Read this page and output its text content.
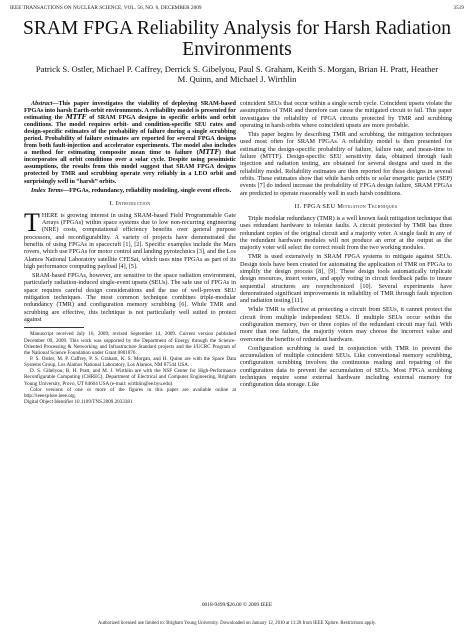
IEEE TRANSACTIONS ON NUCLEAR SCIENCE, VOL. 56, NO. 6, DECEMBER 2009	3519
SRAM FPGA Reliability Analysis for Harsh Radiation Environments
Patrick S. Ostler, Michael P. Caffrey, Derrick S. Gibelyou, Paul S. Graham, Keith S. Morgan, Brian H. Pratt, Heather M. Quinn, and Michael J. Wirthlin

Abstract—This paper investigates the viability of deploying SRAM-based FPGAs into harsh Earth-orbit environments. A reliability model is presented for estimating the MTTF of SRAM FPGA designs in specific orbits and orbit conditions. The model requires orbit- and condition-specific SEU rates and design-specific estimates of the probability of failure during a single scrubbing period. Probability of failure estimates are reported for several FPGA designs from both fault-injection and accelerator experiments. The model also includes a method for estimating composite mean time to failure (MTTF) that incorporates all orbit conditions over a solar cycle. Despite using pessimistic assumptions, the results from this model suggest that SRAM FPGA designs protected by TMR and scrubbing operate very reliably in a LEO orbit and surprisingly well in “harsh” orbits.

Index Terms—FPGAs, redundancy, reliability modeling, single event effects.

I. Introduction

THERE is growing interest in using SRAM-based Field Programmable Gate Arrays (FPGAs) within space systems due to low non-recurring engineering (NRE) costs, computational efficiency benefits over general purpose processors, and reconfigurability. A variety of projects have demonstrated the benefits of using FPGAs in spacecraft [1], [2]. Specific examples include the Mars rovers, which use FPGAs for motor control and landing pyrotechnics [3], and the Los Alamos National Laboratory satellite CFESat, which uses nine FPGAs as part of its high performance computing payload [4], [5].

SRAM-based FPGAs, however, are sensitive to the space radiation environment, particularly radiation-induced single-event upsets (SEUs). The safe use of FPGAs in space requires careful design considerations and the use of well-proven SEU mitigation techniques. The most common technique combines triple-modular redundancy (TMR) and configuration memory scrubbing [6]. While TMR and scrubbing are effective, this technique is not particularly well suited to protect against

Manuscript received July 16, 2009; revised September 14, 2009. Current version published December 09, 2009. This work was supported by the Department of Energy through the Science-Oriented Processing & Networking and Infrastructure Standard projects and the I/UCRC Program of the National Science Foundation under Grant 0801876.

P. S. Ostler, M. P. Caffrey, P. S. Graham, K. S. Morgan, and H. Quinn are with the Space Data Systems Group, Los Alamos National Laboratory, Los Alamos, NM 87544 USA.

D. S. Gibelyou, B. H. Pratt, and M. J. Wirthlin are with the NSF Center for High-Performance Reconfigurable Computing (CHREC), Department of Electrical and Computer Engineering, Brigham Young University, Provo, UT 84604 USA (e-mail: wirthlin@ee.byu.edu).

Color versions of one or more of the figures in this paper are available online at http://ieeexplore.ieee.org.

Digital Object Identifier 10.1109/TNS.2009.2033381

coincident SEUs that occur within a single scrub cycle. Coincident upsets violate the assumptions of TMR and therefore can cause the mitigated circuit to fail. This paper investigates the reliability of FPGA circuits protected by TMR and scrubbing operating in harsh orbits where coincident upsets are more probable.

This paper begins by describing TMR and scrubbing, the mitigation techniques used most often for SRAM FPGAs. A reliability model is then presented for estimating the design-specific probability of failure, failure rate, and mean-time to failure (MTTF). Design-specific SEU sensitivity data, obtained through fault injection and radiation testing, are obtained for several designs and used in the reliability model. Reliability estimates are then reported for these designs in several orbits. These estimates show that while harsh orbits or solar energetic particle (SEP) events [7] do indeed increase the probability of FPGA design failure, SRAM FPGAs are predicted to operate reasonably well in such harsh conditions.

II. FPGA SEU Mitigation Techniques

Triple modular redundancy (TMR) is a well known fault mitigation technique that uses redundant hardware to tolerate faults. A circuit protected by TMR has three redundant copies of the original circuit and a majority voter. A single fault in any of the redundant hardware modules will not produce an error at the output as the majority voter will select the correct result from the two working modules.

TMR is used extensively in SRAM FPGA systems to mitigate against SEUs. Design tools have been created for automating the application of TMR on FPGAs to simplify the design process [8], [9]. These design tools automatically triplicate design resources, insert voters, and apply voting in circuit feedback paths to insure sequential structures are resynchronized [10]. Several experiments have demonstrated significant improvements in reliability of TMR through fault injection and radiation testing [11].

While TMR is effective at protecting a circuit from SEUs, it cannot protect the circuit from multiple independent SEUs. If multiple SEUs occur within the configuration memory, two or three copies of the redundant circuit may fail. With more than one failure, the majority voters may choose the incorrect value and overcome the benefits of redundant hardware.

Configuration scrubbing is used in conjunction with TMR to prevent the accumulation of multiple coincident SEUs. Like conventional memory scrubbing, configuration scrubbing involves the continuous reading and repairing of the configuration data to prevent the accumulation of SEUs. Most FPGA scrubbing techniques require some external hardware including external memory for configuration data storage. Like

0018-9499/$26.00 © 2009 IEEE
Authorized licensed use limited to: Brigham Young University. Downloaded on January 12, 2010 at 11:28 from IEEE Xplore. Restrictions apply.
